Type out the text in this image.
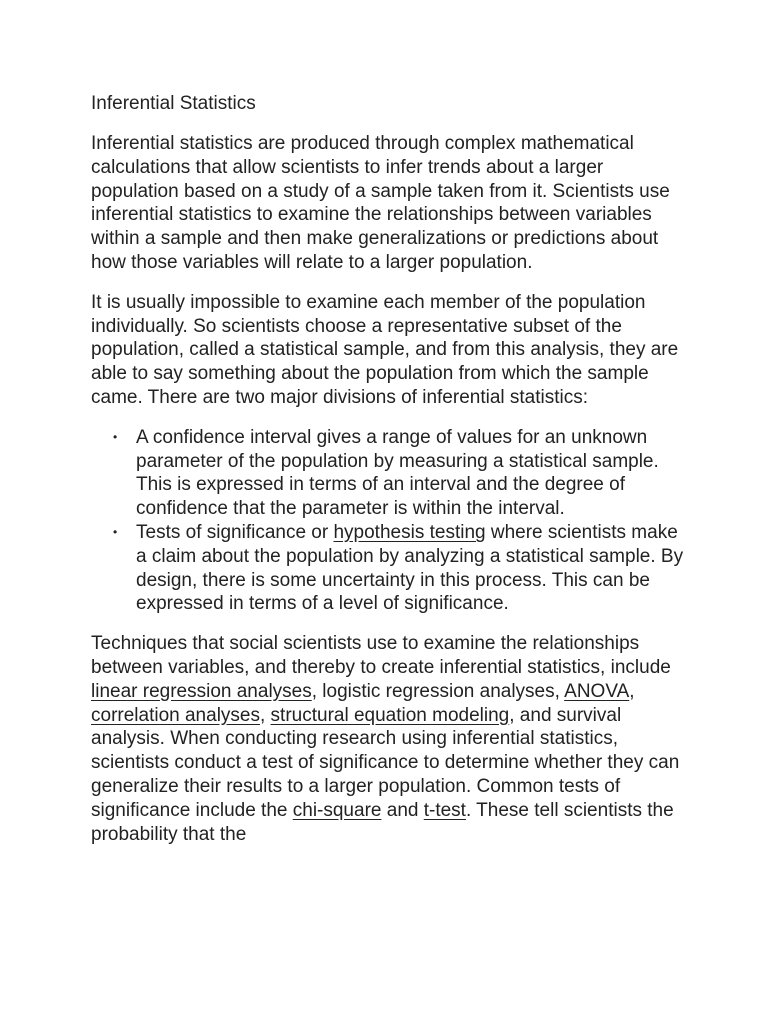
Inferential Statistics

Inferential statistics are produced through complex mathematical calculations that allow scientists to infer trends about a larger population based on a study of a sample taken from it. Scientists use inferential statistics to examine the relationships between variables within a sample and then make generalizations or predictions about how those variables will relate to a larger population.

It is usually impossible to examine each member of the population individually. So scientists choose a representative subset of the population, called a statistical sample, and from this analysis, they are able to say something about the population from which the sample came. There are two major divisions of inferential statistics:

• A confidence interval gives a range of values for an unknown parameter of the population by measuring a statistical sample. This is expressed in terms of an interval and the degree of confidence that the parameter is within the interval.
• Tests of significance or hypothesis testing where scientists make a claim about the population by analyzing a statistical sample. By design, there is some uncertainty in this process. This can be expressed in terms of a level of significance.

Techniques that social scientists use to examine the relationships between variables, and thereby to create inferential statistics, include linear regression analyses, logistic regression analyses, ANOVA, correlation analyses, structural equation modeling, and survival analysis. When conducting research using inferential statistics, scientists conduct a test of significance to determine whether they can generalize their results to a larger population. Common tests of significance include the chi-square and t-test. These tell scientists the probability that the
